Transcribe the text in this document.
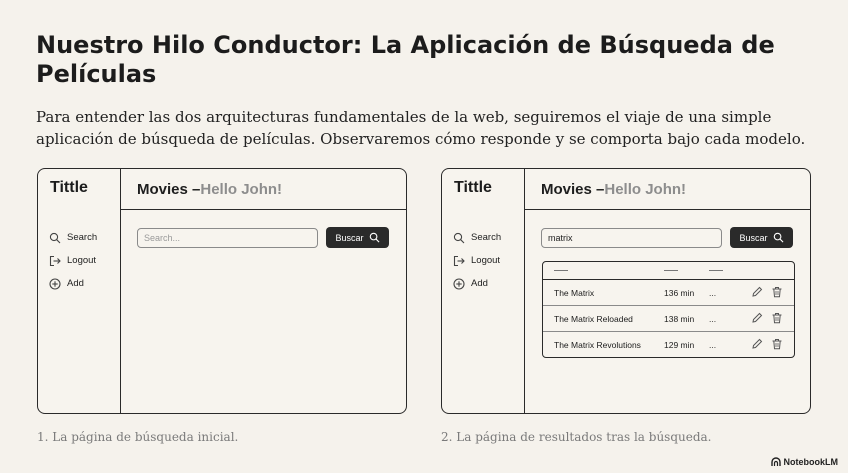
Nuestro Hilo Conductor: La Aplicación de Búsqueda de Películas

Para entender las dos arquitecturas fundamentales de la web, seguiremos el viaje de una simple aplicación de búsqueda de películas. Observaremos cómo responde y se comporta bajo cada modelo.

Tittle
Search
Logout
Add
Movies – Hello John!
Search...
Buscar
Tittle
Search
Logout
Add
Movies – Hello John!
matrix
Buscar
The Matrix	136 min ...
The Matrix Reloaded	138 min ...
The Matrix Revolutions	129 min ...
1. La página de búsqueda inicial.	2. La página de resultados tras la búsqueda.
NotebookLM
